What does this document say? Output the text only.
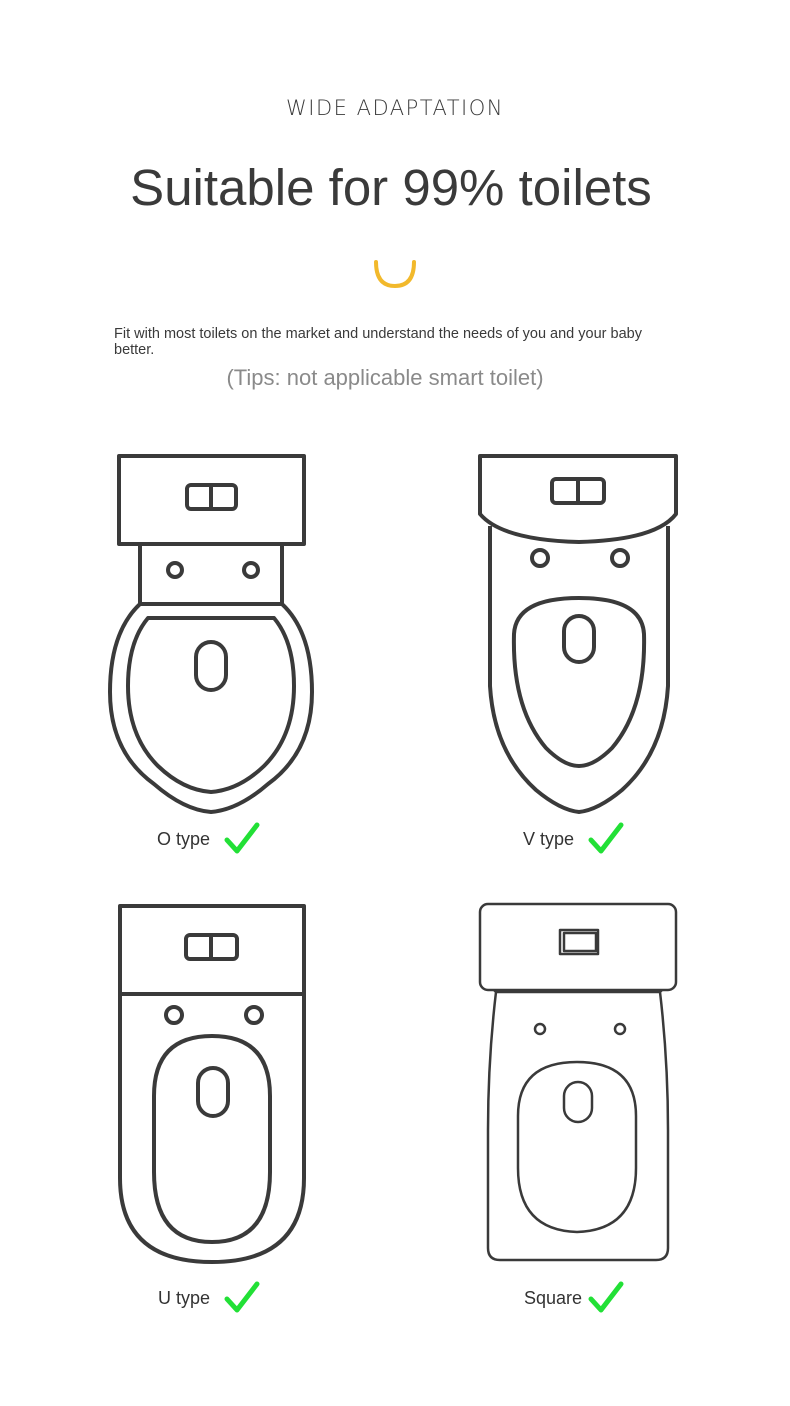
WIDE ADAPTATION
Suitable for 99% toilets
Fit with most toilets on the market and understand the needs of you and your baby better.
(Tips: not applicable smart toilet)
O type	V type
U type	Square
